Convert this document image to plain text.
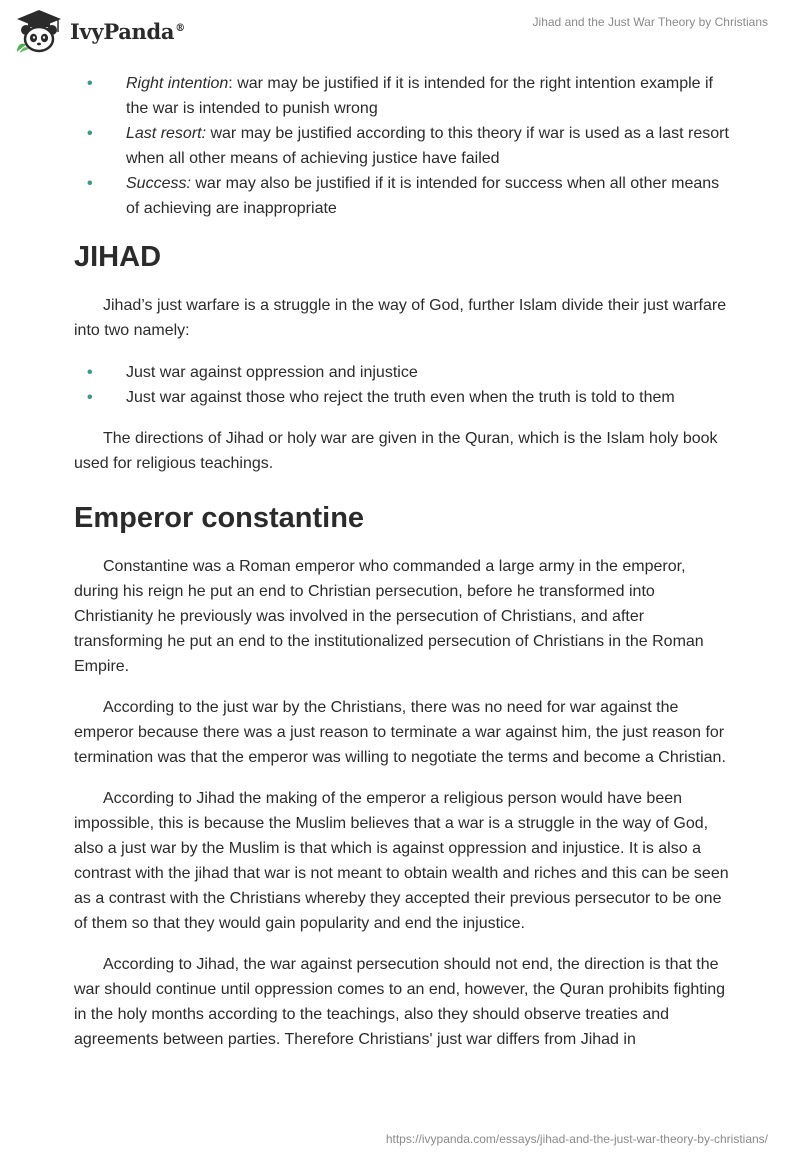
IvyPanda®	Jihad and the Just War Theory by Christians
• Right intention: war may be justified if it is intended for the right intention example if the war is intended to punish wrong
• Last resort: war may be justified according to this theory if war is used as a last resort when all other means of achieving justice have failed
• Success: war may also be justified if it is intended for success when all other means of achieving are inappropriate
JIHAD

Jihad’s just warfare is a struggle in the way of God, further Islam divide their just warfare into two namely:

• Just war against oppression and injustice
• Just war against those who reject the truth even when the truth is told to them

The directions of Jihad or holy war are given in the Quran, which is the Islam holy book used for religious teachings.

Emperor constantine

Constantine was a Roman emperor who commanded a large army in the emperor, during his reign he put an end to Christian persecution, before he transformed into Christianity he previously was involved in the persecution of Christians, and after transforming he put an end to the institutionalized persecution of Christians in the Roman Empire.

According to the just war by the Christians, there was no need for war against the emperor because there was a just reason to terminate a war against him, the just reason for termination was that the emperor was willing to negotiate the terms and become a Christian.

According to Jihad the making of the emperor a religious person would have been impossible, this is because the Muslim believes that a war is a struggle in the way of God, also a just war by the Muslim is that which is against oppression and injustice. It is also a contrast with the jihad that war is not meant to obtain wealth and riches and this can be seen as a contrast with the Christians whereby they accepted their previous persecutor to be one of them so that they would gain popularity and end the injustice.

According to Jihad, the war against persecution should not end, the direction is that the war should continue until oppression comes to an end, however, the Quran prohibits fighting in the holy months according to the teachings, also they should observe treaties and agreements between parties. Therefore Christians' just war differs from Jihad in

https://ivypanda.com/essays/jihad-and-the-just-war-theory-by-christians/
